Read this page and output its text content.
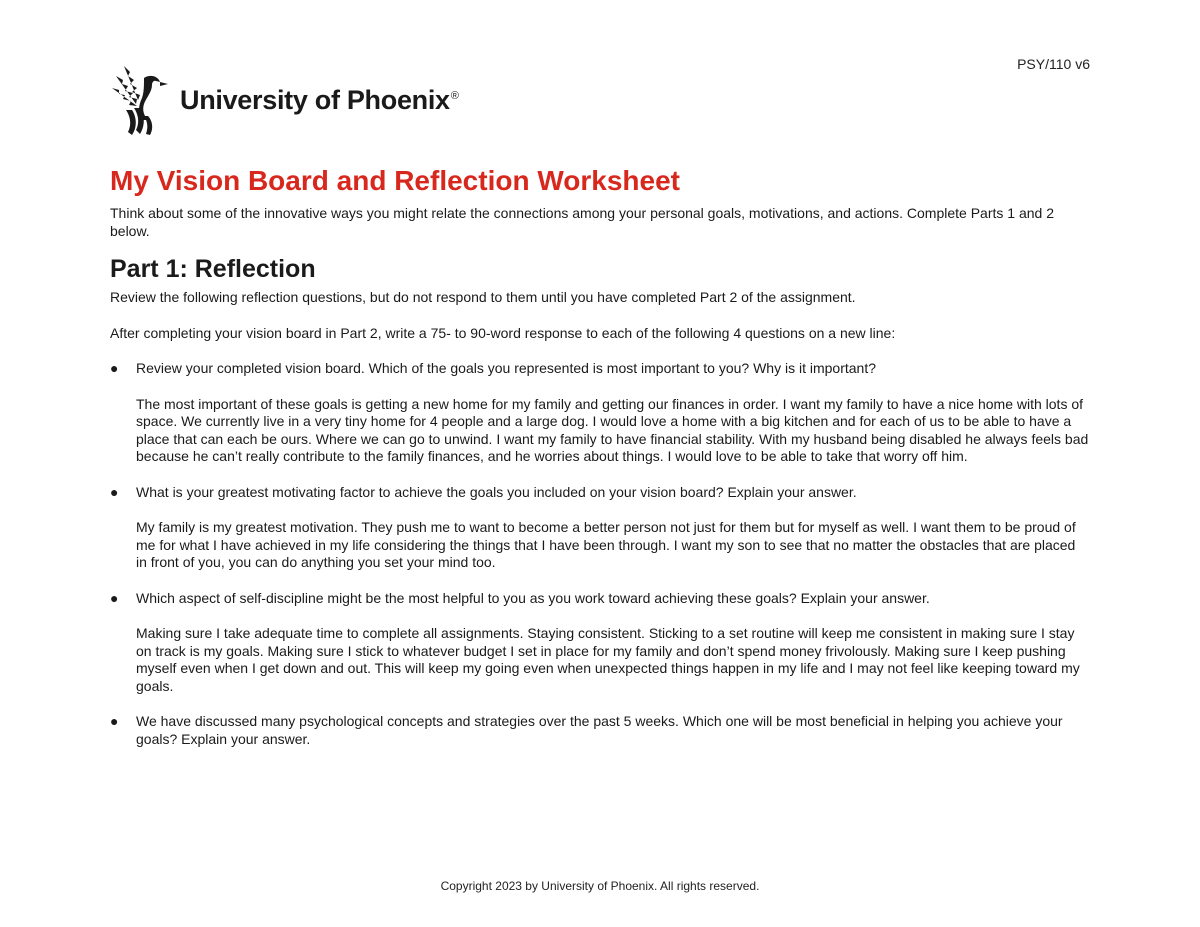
PSY/110 v6
University of Phoenix®
My Vision Board and Reflection Worksheet

Think about some of the innovative ways you might relate the connections among your personal goals, motivations, and actions. Complete Parts 1 and 2 below.

Part 1: Reflection

Review the following reflection questions, but do not respond to them until you have completed Part 2 of the assignment.

After completing your vision board in Part 2, write a 75- to 90-word response to each of the following 4 questions on a new line:

● Review your completed vision board. Which of the goals you represented is most important to you? Why is it important?
The most important of these goals is getting a new home for my family and getting our finances in order. I want my family to have a nice home with lots of space. We currently live in a very tiny home for 4 people and a large dog. I would love a home with a big kitchen and for each of us to be able to have a place that can each be ours. Where we can go to unwind. I want my family to have financial stability. With my husband being disabled he always feels bad because he can’t really contribute to the family finances, and he worries about things. I would love to be able to take that worry off him.
● What is your greatest motivating factor to achieve the goals you included on your vision board? Explain your answer.
My family is my greatest motivation. They push me to want to become a better person not just for them but for myself as well. I want them to be proud of me for what I have achieved in my life considering the things that I have been through. I want my son to see that no matter the obstacles that are placed in front of you, you can do anything you set your mind too.
● Which aspect of self-discipline might be the most helpful to you as you work toward achieving these goals? Explain your answer.
Making sure I take adequate time to complete all assignments. Staying consistent. Sticking to a set routine will keep me consistent in making sure I stay on track is my goals. Making sure I stick to whatever budget I set in place for my family and don’t spend money frivolously. Making sure I keep pushing myself even when I get down and out. This will keep my going even when unexpected things happen in my life and I may not feel like keeping toward my goals.
● We have discussed many psychological concepts and strategies over the past 5 weeks. Which one will be most beneficial in helping you achieve your goals? Explain your answer.
Copyright 2023 by University of Phoenix. All rights reserved.
